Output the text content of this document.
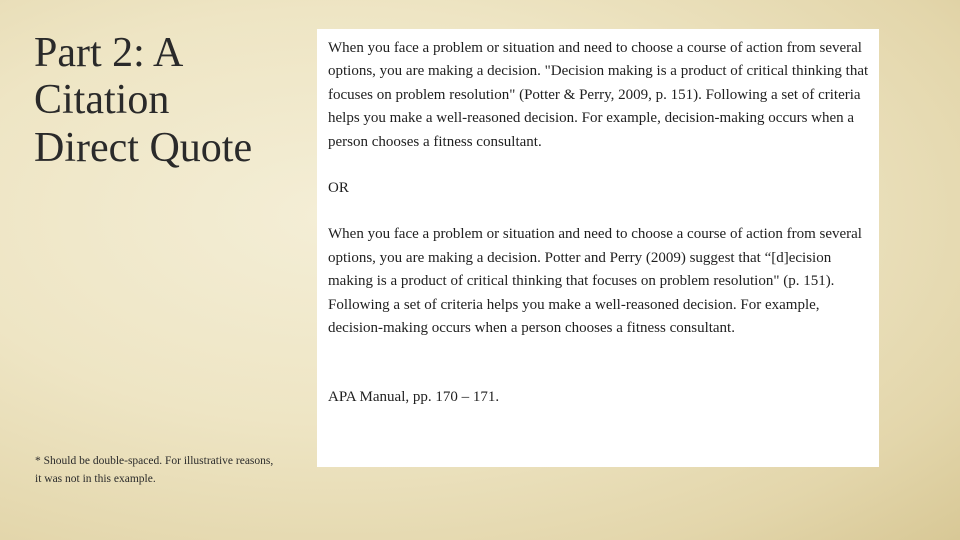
Part 2: A
Citation
Direct Quote

When you face a problem or situation and need to choose a course of action from several options, you are making a decision. "Decision making is a product of critical thinking that focuses on problem resolution" (Potter & Perry, 2009, p. 151). Following a set of criteria helps you make a well-reasoned decision. For example, decision-making occurs when a person chooses a fitness consultant.

OR

When you face a problem or situation and need to choose a course of action from several options, you are making a decision. Potter and Perry (2009) suggest that “[d]ecision making is a product of critical thinking that focuses on problem resolution" (p. 151). Following a set of criteria helps you make a well-reasoned decision. For example, decision-making occurs when a person chooses a fitness consultant.

APA Manual, pp. 170 – 171.

* Should be double-spaced. For illustrative reasons, it was not in this example.
